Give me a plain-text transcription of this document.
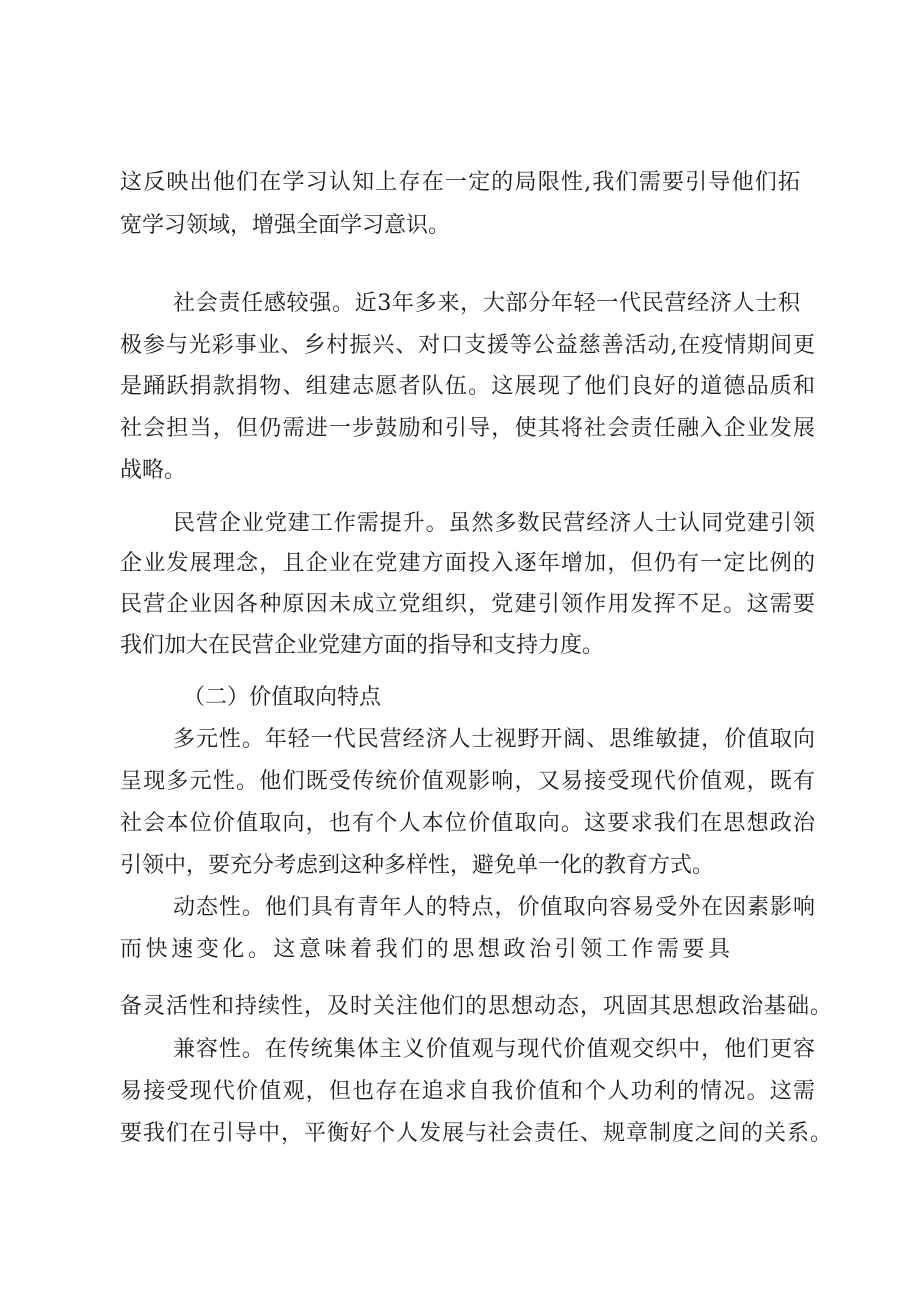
这反映出他们在学习认知上存在一定的局限性,我们需要引导他们拓
宽学习领域，增强全面学习意识。
社会责任感较强。近3年多来，大部分年轻一代民营经济人士积
极参与光彩事业、乡村振兴、对口支援等公益慈善活动,在疫情期间更
是踊跃捐款捐物、组建志愿者队伍。这展现了他们良好的道德品质和
社会担当，但仍需进一步鼓励和引导，使其将社会责任融入企业发展
战略。
民营企业党建工作需提升。虽然多数民营经济人士认同党建引领
企业发展理念，且企业在党建方面投入逐年增加，但仍有一定比例的
民营企业因各种原因未成立党组织，党建引领作用发挥不足。这需要
我们加大在民营企业党建方面的指导和支持力度。
（二）价值取向特点
多元性。年轻一代民营经济人士视野开阔、思维敏捷，价值取向
呈现多元性。他们既受传统价值观影响，又易接受现代价值观，既有
社会本位价值取向，也有个人本位价值取向。这要求我们在思想政治
引领中，要充分考虑到这种多样性，避免单一化的教育方式。
动态性。他们具有青年人的特点，价值取向容易受外在因素影响
而快速变化。这意味着我们的思想政治引领工作需要具
备灵活性和持续性，及时关注他们的思想动态，巩固其思想政治基础。
兼容性。在传统集体主义价值观与现代价值观交织中，他们更容
易接受现代价值观，但也存在追求自我价值和个人功利的情况。这需
要我们在引导中，平衡好个人发展与社会责任、规章制度之间的关系。
